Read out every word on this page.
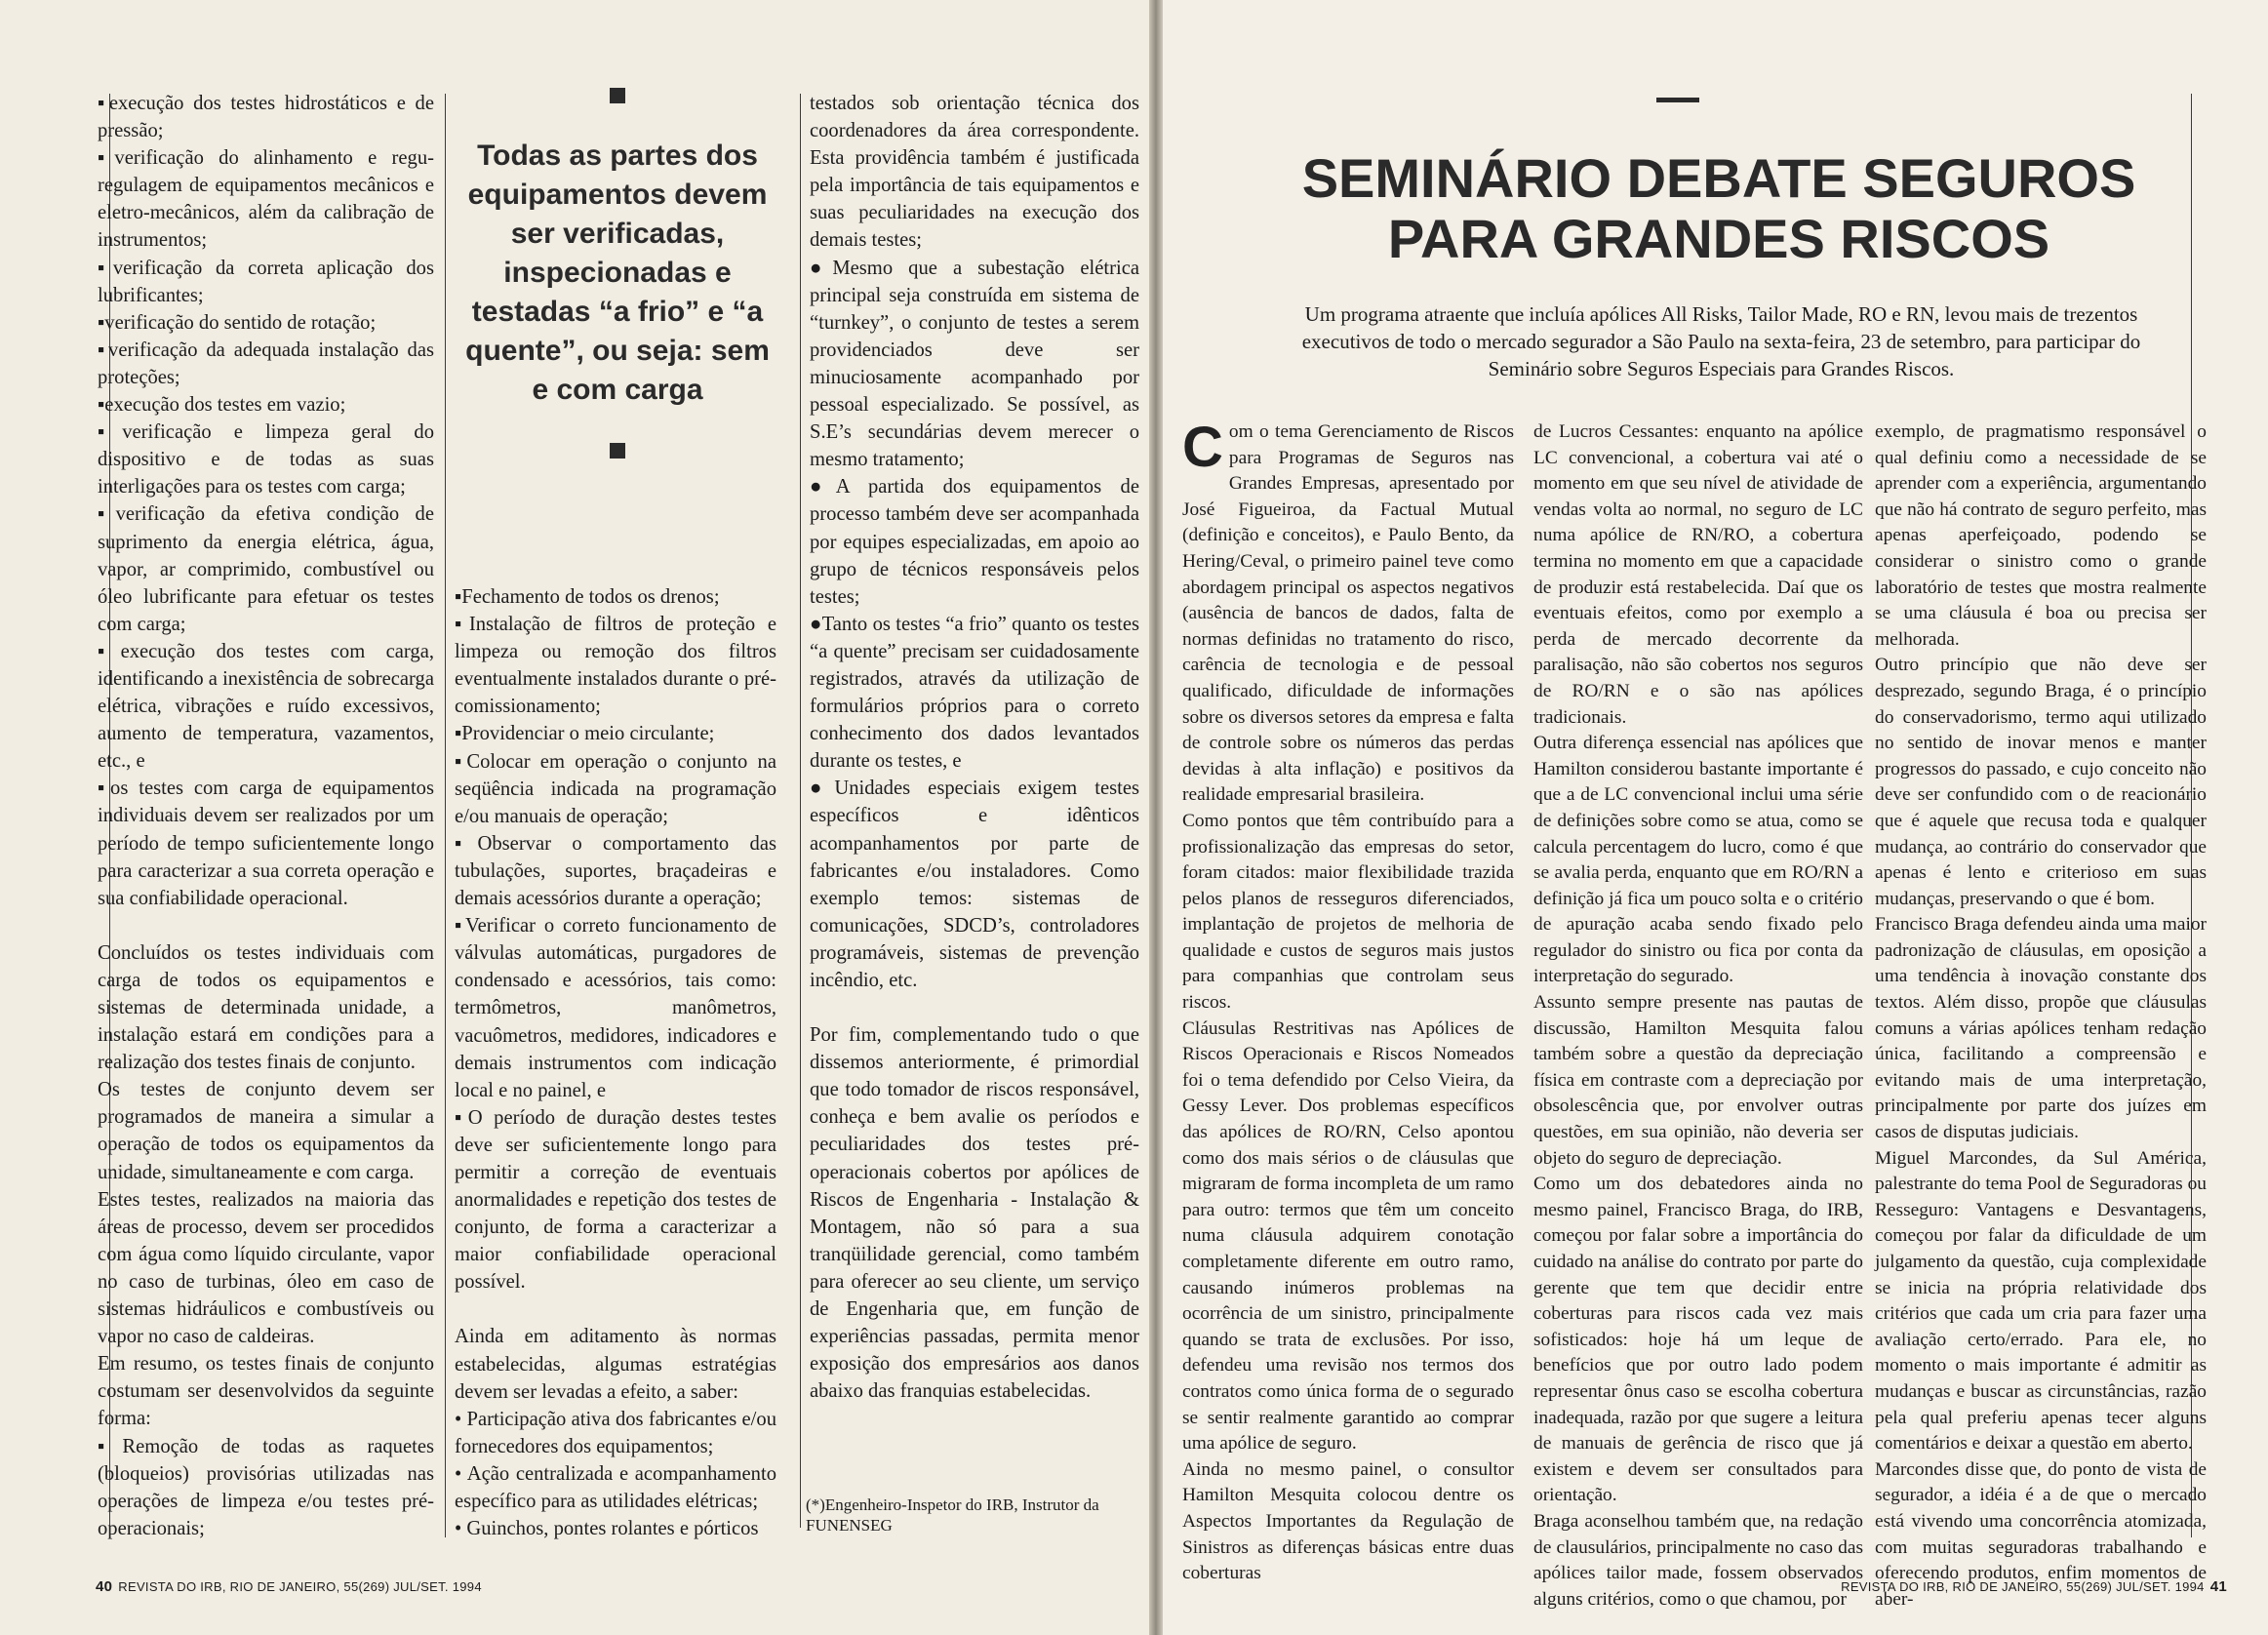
▪execução dos testes hidrostáticos e de pressão;

▪verificação do alinhamento e regu-regulagem de equipamentos mecânicos e eletro-mecânicos, além da calibração de instrumentos;

▪verificação da correta aplicação dos lubrificantes;

▪verificação do sentido de rotação;

▪verificação da adequada instalação das proteções;

▪execução dos testes em vazio;

▪verificação e limpeza geral do dispositivo e de todas as suas interligações para os testes com carga;

▪verificação da efetiva condição de suprimento da energia elétrica, água, vapor, ar comprimido, combustível ou óleo lubrificante para efetuar os testes com carga;

▪execução dos testes com carga, identificando a inexistência de sobrecarga elétrica, vibrações e ruído excessivos, aumento de temperatura, vazamentos, etc., e

▪os testes com carga de equipamentos individuais devem ser realizados por um período de tempo suficientemente longo para caracterizar a sua correta operação e sua confiabilidade operacional.

Concluídos os testes individuais com carga de todos os equipamentos e sistemas de determinada unidade, a instalação estará em condições para a realização dos testes finais de conjunto.

Os testes de conjunto devem ser programados de maneira a simular a operação de todos os equipamentos da unidade, simultaneamente e com carga.

Estes testes, realizados na maioria das áreas de processo, devem ser procedidos com água como líquido circulante, vapor no caso de turbinas, óleo em caso de sistemas hidráulicos e combustíveis ou vapor no caso de caldeiras.

Em resumo, os testes finais de conjunto costumam ser desenvolvidos da seguinte forma:

▪Remoção de todas as raquetes (bloqueios) provisórias utilizadas nas operações de limpeza e/ou testes pré-operacionais;

Todas as partes dos equipamentos devem ser verificadas, inspecionadas e testadas “a frio” e “a quente”, ou seja: sem e com carga

▪Fechamento de todos os drenos;

▪Instalação de filtros de proteção e limpeza ou remoção dos filtros eventualmente instalados durante o pré-comissionamento;

▪Providenciar o meio circulante;

▪Colocar em operação o conjunto na seqüência indicada na programação e/ou manuais de operação;

▪Observar o comportamento das tubulações, suportes, braçadeiras e demais acessórios durante a operação;

▪Verificar o correto funcionamento de válvulas automáticas, purgadores de condensado e acessórios, tais como: termômetros, manômetros, vacuômetros, medidores, indicadores e demais instrumentos com indicação local e no painel, e

▪O período de duração destes testes deve ser suficientemente longo para permitir a correção de eventuais anormalidades e repetição dos testes de conjunto, de forma a caracterizar a maior confiabilidade operacional possível.

Ainda em aditamento às normas estabelecidas, algumas estratégias devem ser levadas a efeito, a saber:

• Participação ativa dos fabricantes e/ou fornecedores dos equipamentos;

• Ação centralizada e acompanhamento específico para as utilidades elétricas;

• Guinchos, pontes rolantes e pórticos

testados sob orientação técnica dos coordenadores da área correspondente. Esta providência também é justificada pela importância de tais equipamentos e suas peculiaridades na execução dos demais testes;

●Mesmo que a subestação elétrica principal seja construída em sistema de “turnkey”, o conjunto de testes a serem providenciados deve ser minuciosamente acompanhado por pessoal especializado. Se possível, as S.E’s secundárias devem merecer o mesmo tratamento;

●A partida dos equipamentos de processo também deve ser acompanhada por equipes especializadas, em apoio ao grupo de técnicos responsáveis pelos testes;

●Tanto os testes “a frio” quanto os testes “a quente” precisam ser cuidadosamente registrados, através da utilização de formulários próprios para o correto conhecimento dos dados levantados durante os testes, e

●Unidades especiais exigem testes específicos e idênticos acompanhamentos por parte de fabricantes e/ou instaladores. Como exemplo temos: sistemas de comunicações, SDCD’s, controladores programáveis, sistemas de prevenção incêndio, etc.

Por fim, complementando tudo o que dissemos anteriormente, é primordial que todo tomador de riscos responsável, conheça e bem avalie os períodos e peculiaridades dos testes pré-operacionais cobertos por apólices de Riscos de Engenharia - Instalação & Montagem, não só para a sua tranqüilidade gerencial, como também para oferecer ao seu cliente, um serviço de Engenharia que, em função de experiências passadas, permita menor exposição dos empresários aos danos abaixo das franquias estabelecidas.

(*)Engenheiro-Inspetor do IRB, Instrutor da FUNENSEG
40 REVISTA DO IRB, RIO DE JANEIRO, 55(269) JUL/SET. 1994
SEMINÁRIO DEBATE SEGUROS PARA GRANDES RISCOS
Um programa atraente que incluía apólices All Risks, Tailor Made, RO e RN, levou mais de trezentos executivos de todo o mercado segurador a São Paulo na sexta-feira, 23 de setembro, para participar do Seminário sobre Seguros Especiais para Grandes Riscos.
C om o tema Gerenciamento de Riscos para Programas de Seguros nas Grandes Empresas, apresentado por José Figueiroa, da Factual Mutual (definição e conceitos), e Paulo Bento, da Hering/Ceval, o primeiro painel teve como abordagem principal os aspectos negativos (ausência de bancos de dados, falta de normas definidas no tratamento do risco, carência de tecnologia e de pessoal qualificado, dificuldade de informações sobre os diversos setores da empresa e falta de controle sobre os números das perdas devidas à alta inflação) e positivos da realidade empresarial brasileira.

Como pontos que têm contribuído para a profissionalização das empresas do setor, foram citados: maior flexibilidade trazida pelos planos de resseguros diferenciados, implantação de projetos de melhoria de qualidade e custos de seguros mais justos para companhias que controlam seus riscos.

Cláusulas Restritivas nas Apólices de Riscos Operacionais e Riscos Nomeados foi o tema defendido por Celso Vieira, da Gessy Lever. Dos problemas específicos das apólices de RO/RN, Celso apontou como dos mais sérios o de cláusulas que migraram de forma incompleta de um ramo para outro: termos que têm um conceito numa cláusula adquirem conotação completamente diferente em outro ramo, causando inúmeros problemas na ocorrência de um sinistro, principalmente quando se trata de exclusões. Por isso, defendeu uma revisão nos termos dos contratos como única forma de o segurado se sentir realmente garantido ao comprar uma apólice de seguro.

Ainda no mesmo painel, o consultor Hamilton Mesquita colocou dentre os Aspectos Importantes da Regulação de Sinistros as diferenças básicas entre duas coberturas

de Lucros Cessantes: enquanto na apólice LC convencional, a cobertura vai até o momento em que seu nível de atividade de vendas volta ao normal, no seguro de LC numa apólice de RN/RO, a cobertura termina no momento em que a capacidade de produzir está restabelecida. Daí que os eventuais efeitos, como por exemplo a perda de mercado decorrente da paralisação, não são cobertos nos seguros de RO/RN e o são nas apólices tradicionais.

Outra diferença essencial nas apólices que Hamilton considerou bastante importante é que a de LC convencional inclui uma série de definições sobre como se atua, como se calcula percentagem do lucro, como é que se avalia perda, enquanto que em RO/RN a definição já fica um pouco solta e o critério de apuração acaba sendo fixado pelo regulador do sinistro ou fica por conta da interpretação do segurado.

Assunto sempre presente nas pautas de discussão, Hamilton Mesquita falou também sobre a questão da depreciação física em contraste com a depreciação por obsolescência que, por envolver outras questões, em sua opinião, não deveria ser objeto do seguro de depreciação.

Como um dos debatedores ainda no mesmo painel, Francisco Braga, do IRB, começou por falar sobre a importância do cuidado na análise do contrato por parte do gerente que tem que decidir entre coberturas para riscos cada vez mais sofisticados: hoje há um leque de benefícios que por outro lado podem representar ônus caso se escolha cobertura inadequada, razão por que sugere a leitura de manuais de gerência de risco que já existem e devem ser consultados para orientação.

Braga aconselhou também que, na redação de clausulários, principalmente no caso das apólices tailor made, fossem observados alguns critérios, como o que chamou, por

exemplo, de pragmatismo responsável o qual definiu como a necessidade de se aprender com a experiência, argumentando que não há contrato de seguro perfeito, mas apenas aperfeiçoado, podendo se considerar o sinistro como o grande laboratório de testes que mostra realmente se uma cláusula é boa ou precisa ser melhorada.

Outro princípio que não deve ser desprezado, segundo Braga, é o princípio do conservadorismo, termo aqui utilizado no sentido de inovar menos e manter progressos do passado, e cujo conceito não deve ser confundido com o de reacionário que é aquele que recusa toda e qualquer mudança, ao contrário do conservador que apenas é lento e criterioso em suas mudanças, preservando o que é bom.

Francisco Braga defendeu ainda uma maior padronização de cláusulas, em oposição a uma tendência à inovação constante dos textos. Além disso, propõe que cláusulas comuns a várias apólices tenham redação única, facilitando a compreensão e evitando mais de uma interpretação, principalmente por parte dos juízes em casos de disputas judiciais.

Miguel Marcondes, da Sul América, palestrante do tema Pool de Seguradoras ou Resseguro: Vantagens e Desvantagens, começou por falar da dificuldade de um julgamento da questão, cuja complexidade se inicia na própria relatividade dos critérios que cada um cria para fazer uma avaliação certo/errado. Para ele, no momento o mais importante é admitir as mudanças e buscar as circunstâncias, razão pela qual preferiu apenas tecer alguns comentários e deixar a questão em aberto.

Marcondes disse que, do ponto de vista de segurador, a idéia é a de que o mercado está vivendo uma concorrência atomizada, com muitas seguradoras trabalhando e oferecendo produtos, enfim momentos de aber-

REVISTA DO IRB, RIO DE JANEIRO, 55(269) JUL/SET. 1994 41
